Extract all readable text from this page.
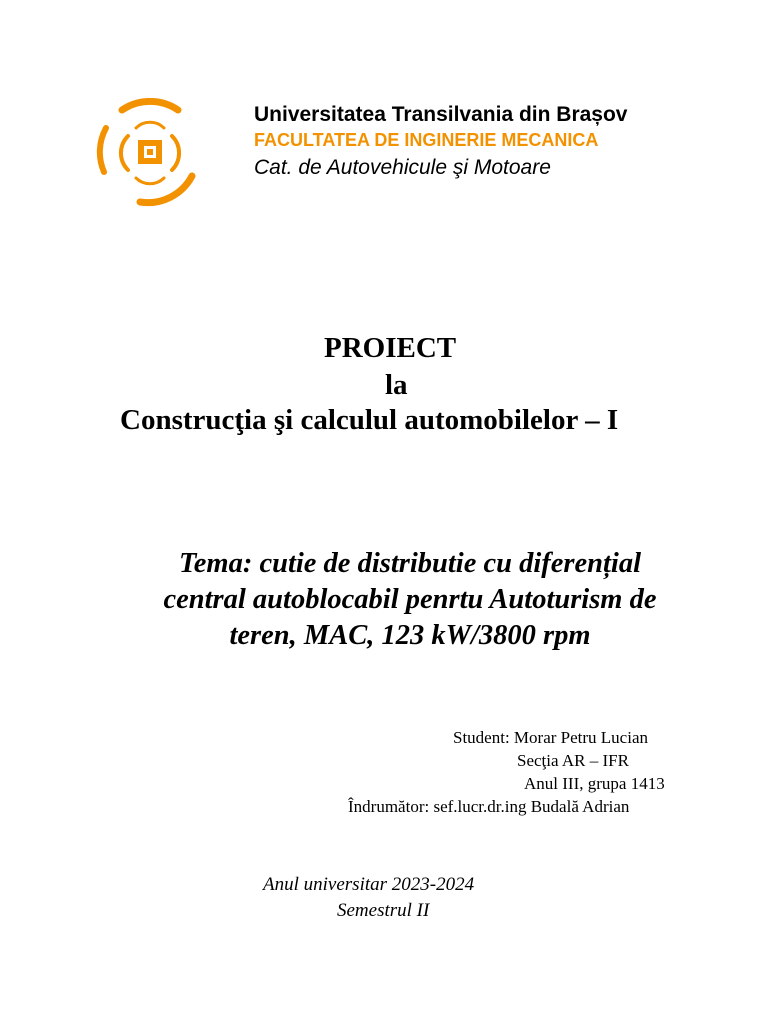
Universitatea Transilvania din Brașov
FACULTATEA DE INGINERIE MECANICA
Cat. de Autovehicule şi Motoare
PROIECT
la
Construcţia şi calculul automobilelor – I
Tema: cutie de distributie cu diferențial
central autoblocabil penrtu Autoturism de
teren, MAC, 123 kW/3800 rpm
Student: Morar Petru Lucian
Secţia AR – IFR
Anul III, grupa 1413
Îndrumător: sef.lucr.dr.ing Budală Adrian
Anul universitar 2023-2024
Semestrul II
